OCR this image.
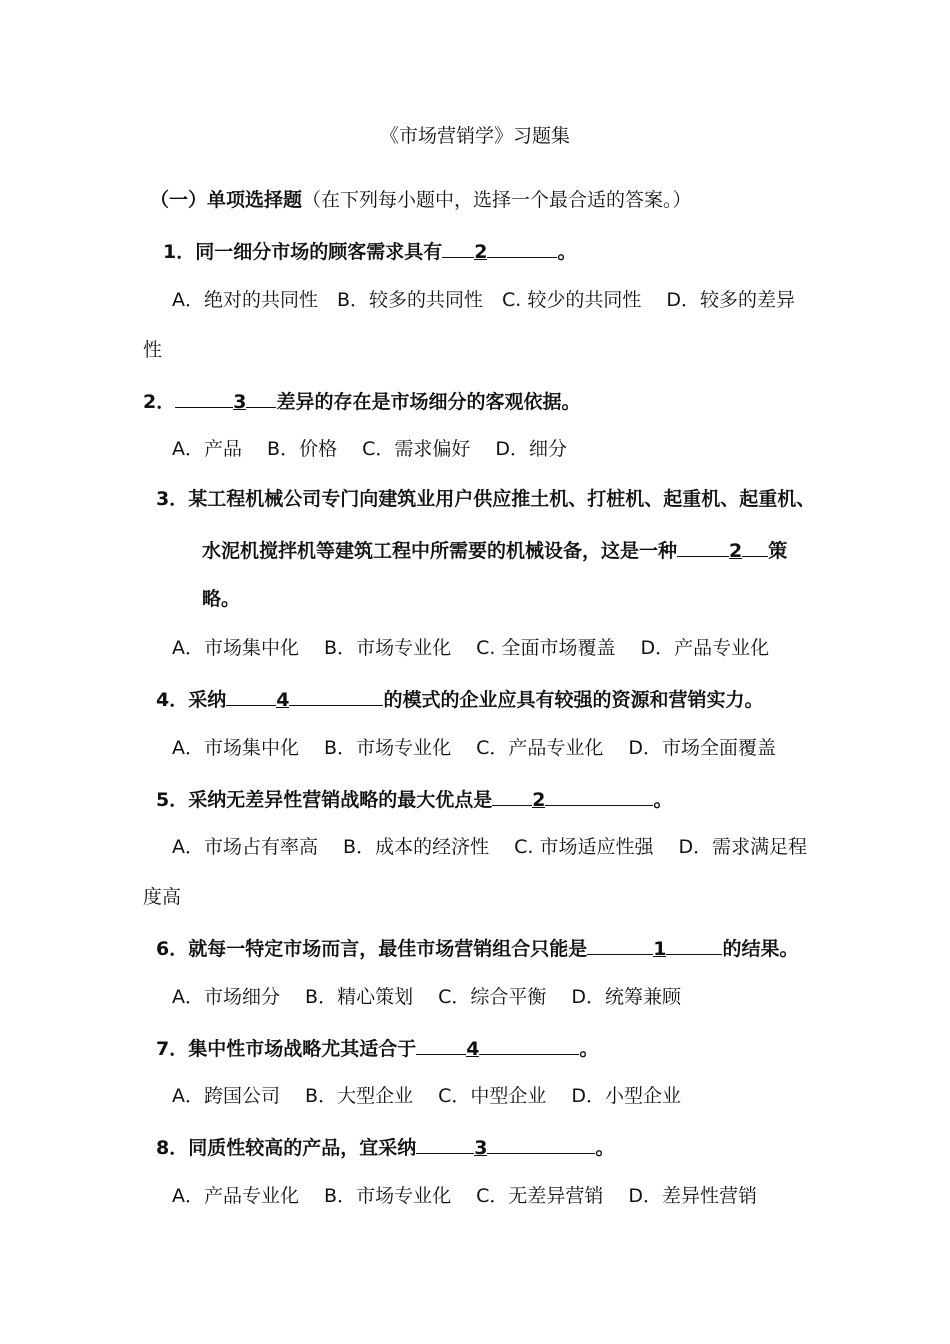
《市场营销学》习题集
（一）单项选择题（在下列每小题中，选择一个最合适的答案。）
1．同一细分市场的顾客需求具有 2	。
A．绝对的共同性　B．较多的共同性　C. 较少的共同性　 D．较多的差异
性
2．	3 差异的存在是市场细分的客观依据。
A．产品　 B．价格　 C．需求偏好　 D．细分
3．某工程机械公司专门向建筑业用户供应推土机、打桩机、起重机、起重机、
水泥机搅拌机等建筑工程中所需要的机械设备，这是一种	2 策
略。
A．市场集中化　 B．市场专业化　 C. 全面市场覆盖　 D．产品专业化
4．采纳	4	的模式的企业应具有较强的资源和营销实力。
A．市场集中化　 B．市场专业化　 C．产品专业化　 D．市场全面覆盖
5．采纳无差异性营销战略的最大优点是 2	。
A．市场占有率高　 B．成本的经济性　 C. 市场适应性强　 D．需求满足程
度高
6．就每一特定市场而言，最佳市场营销组合只能是	1	的结果。
A．市场细分　 B．精心策划　 C．综合平衡　 D．统筹兼顾
7．集中性市场战略尤其适合于	4	。
A．跨国公司　 B．大型企业　 C．中型企业　 D．小型企业
8．同质性较高的产品，宜采纳	3	。
A．产品专业化　 B．市场专业化　 C．无差异营销　 D．差异性营销
